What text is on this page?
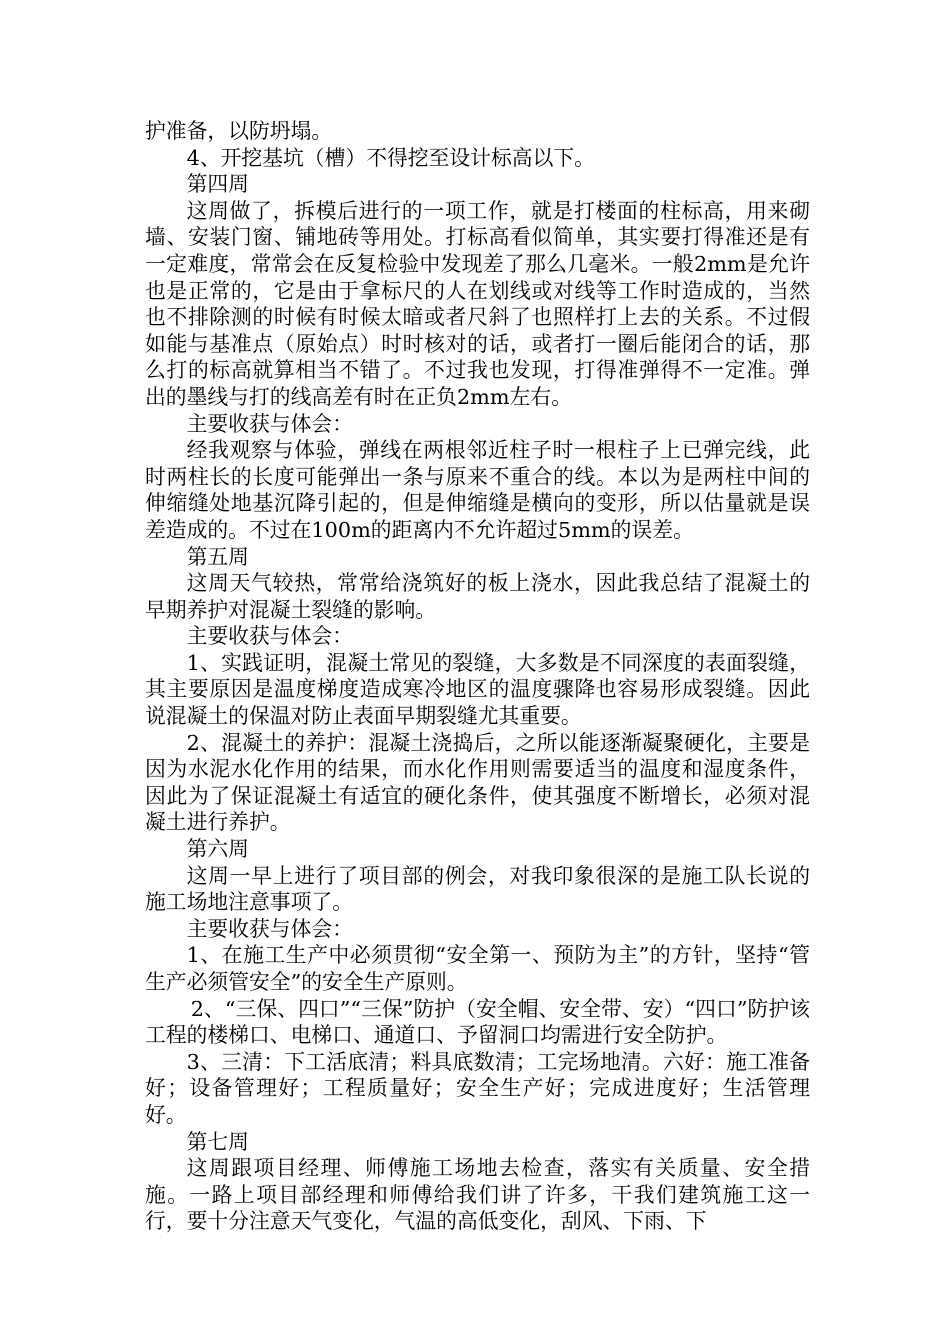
护准备，以防坍塌。

4、开挖基坑（槽）不得挖至设计标高以下。

第四周

这周做了，拆模后进行的一项工作，就是打楼面的柱标高，用来砌墙、安装门窗、铺地砖等用处。打标高看似简单，其实要打得准还是有一定难度，常常会在反复检验中发现差了那么几毫米。一般2mm是允许也是正常的，它是由于拿标尺的人在划线或对线等工作时造成的，当然也不排除测的时候有时候太暗或者尺斜了也照样打上去的关系。不过假如能与基准点（原始点）时时核对的话，或者打一圈后能闭合的话，那么打的标高就算相当不错了。不过我也发现，打得准弹得不一定准。弹出的墨线与打的线高差有时在正负2mm左右。

主要收获与体会：

经我观察与体验，弹线在两根邻近柱子时一根柱子上已弹完线，此时两柱长的长度可能弹出一条与原来不重合的线。本以为是两柱中间的伸缩缝处地基沉降引起的，但是伸缩缝是横向的变形，所以估量就是误差造成的。不过在100m的距离内不允许超过5mm的误差。

第五周

这周天气较热，常常给浇筑好的板上浇水，因此我总结了混凝土的早期养护对混凝土裂缝的影响。

主要收获与体会：

1、实践证明，混凝土常见的裂缝，大多数是不同深度的表面裂缝，其主要原因是温度梯度造成寒冷地区的温度骤降也容易形成裂缝。因此说混凝土的保温对防止表面早期裂缝尤其重要。

2、混凝土的养护：混凝土浇捣后，之所以能逐渐凝聚硬化，主要是因为水泥水化作用的结果，而水化作用则需要适当的温度和湿度条件，因此为了保证混凝土有适宜的硬化条件，使其强度不断增长，必须对混凝土进行养护。

第六周

这周一早上进行了项目部的例会，对我印象很深的是施工队长说的施工场地注意事项了。

主要收获与体会：

1、在施工生产中必须贯彻“安全第一、预防为主”的方针，坚持“管生产必须管安全”的安全生产原则。

2、“三保、四口”“三保”防护（安全帽、安全带、安）“四口”防护该工程的楼梯口、电梯口、通道口、予留洞口均需进行安全防护。

3、三清：下工活底清；料具底数清；工完场地清。六好：施工准备好；设备管理好；工程质量好；安全生产好；完成进度好；生活管理好。

第七周

这周跟项目经理、师傅施工场地去检查，落实有关质量、安全措施。一路上项目部经理和师傅给我们讲了许多，干我们建筑施工这一行，要十分注意天气变化，气温的高低变化，刮风、下雨、下
